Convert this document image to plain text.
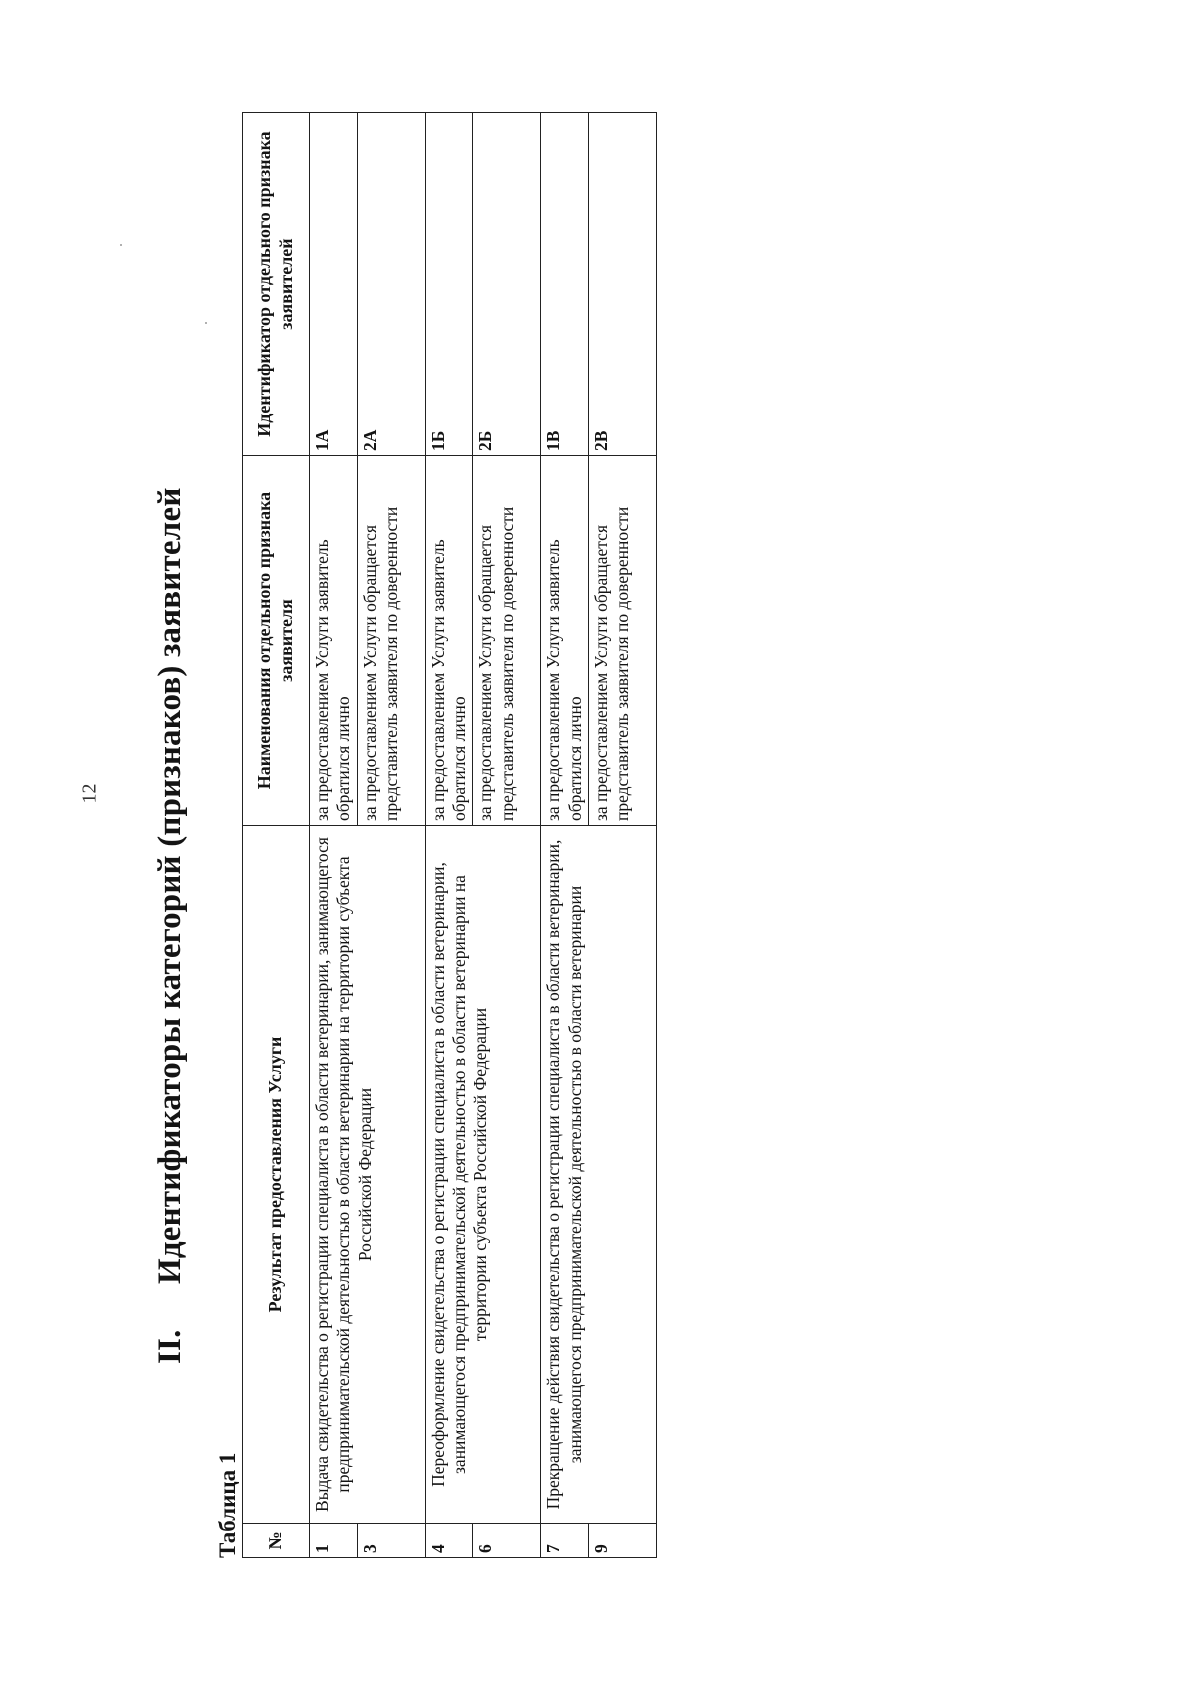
12
II.Идентификаторы категорий (признаков) заявителей
Таблица 1 №	Результат предоставления Услуги	Наименования отдельного признака заявителя	Идентификатор отдельного признака заявителей
1	Выдача свидетельства о регистрации специалиста в области ветеринарии, занимающегося предпринимательской деятельностью в области ветеринарии на территории субъекта Российской Федерации	за предоставлением Услуги заявитель обратился лично	1А
3		за предоставлением Услуги обращается представитель заявителя по доверенности	2А
4	Переоформление свидетельства о регистрации специалиста в области ветеринарии, занимающегося предпринимательской деятельностью в области ветеринарии на территории субъекта Российской Федерации	за предоставлением Услуги заявитель обратился лично	1Б
6		за предоставлением Услуги обращается представитель заявителя по доверенности	2Б
7	Прекращение действия свидетельства о регистрации специалиста в области ветеринарии, занимающегося предпринимательской деятельностью в области ветеринарии	за предоставлением Услуги заявитель обратился лично	1В
9		за предоставлением Услуги обращается представитель заявителя по доверенности	2В
